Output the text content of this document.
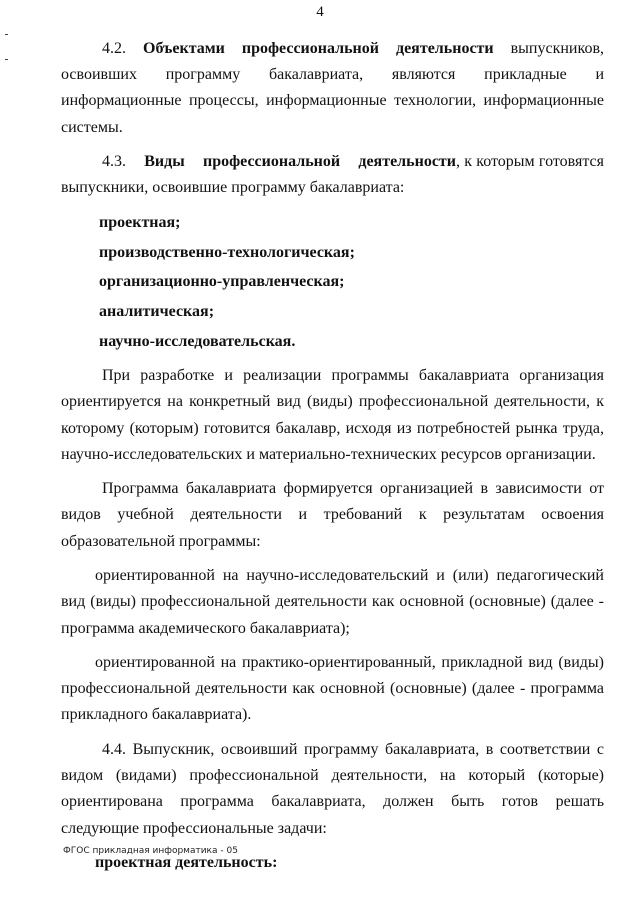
4

4.2. Объектами профессиональной деятельности выпускников, освоивших программу бакалавриата, являются прикладные и информационные процессы, информационные технологии, информационные системы.

4.3. Виды профессиональной деятельности, к которым готовятся выпускники, освоившие программу бакалавриата:

проектная;
производственно-технологическая;
организационно-управленческая;
аналитическая;
научно-исследовательская.

При разработке и реализации программы бакалавриата организация ориентируется на конкретный вид (виды) профессиональной деятельности, к которому (которым) готовится бакалавр, исходя из потребностей рынка труда, научно-исследовательских и материально-технических ресурсов организации.

Программа бакалавриата формируется организацией в зависимости от видов учебной деятельности и требований к результатам освоения образовательной программы:

ориентированной на научно-исследовательский и (или) педагогический вид (виды) профессиональной деятельности как основной (основные) (далее - программа академического бакалавриата);

ориентированной на практико-ориентированный, прикладной вид (виды) профессиональной деятельности как основной (основные) (далее - программа прикладного бакалавриата).

4.4. Выпускник, освоивший программу бакалавриата, в соответствии с видом (видами) профессиональной деятельности, на который (которые) ориентирована программа бакалавриата, должен быть готов решать следующие профессиональные задачи:

проектная деятельность:

ФГОС прикладная информатика - 05
